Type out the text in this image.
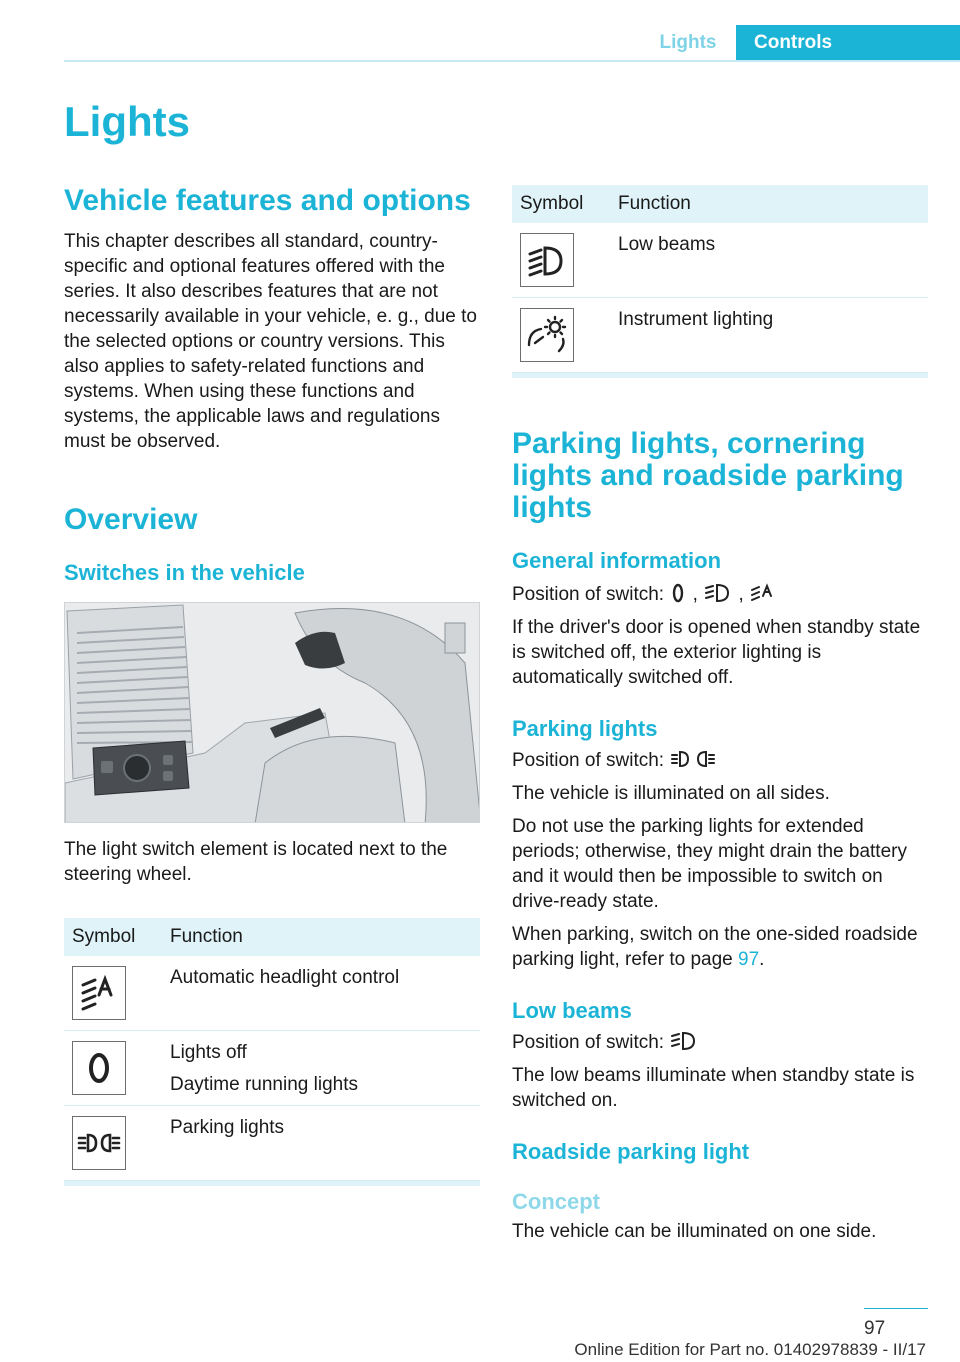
Lights	Controls
Lights
Vehicle features and options

This chapter describes all standard, country-specific and optional features offered with the series. It also describes features that are not necessarily available in your vehicle, e. g., due to the selected options or country versions. This also applies to safety-related functions and systems. When using these functions and systems, the applicable laws and regulations must be observed.

Overview
Switches in the vehicle

The light switch element is located next to the steering wheel.

Symbol	Function

Automatic headlight control

Lights off
Daytime running lights

Parking lights
Symbol	Function

Low beams

Instrument lighting
Parking lights, cornering lights and roadside parking lights
General information

Position of switch: , ,

If the driver's door is opened when standby state is switched off, the exterior lighting is automatically switched off.

Parking lights

Position of switch:

The vehicle is illuminated on all sides.

Do not use the parking lights for extended periods; otherwise, they might drain the battery and it would then be impossible to switch on drive-ready state.

When parking, switch on the one-sided roadside parking light, refer to page 97.

Low beams

Position of switch:

The low beams illuminate when standby state is switched on.

Roadside parking light
Concept

The vehicle can be illuminated on one side.

97
Online Edition for Part no. 01402978839 - II/17
